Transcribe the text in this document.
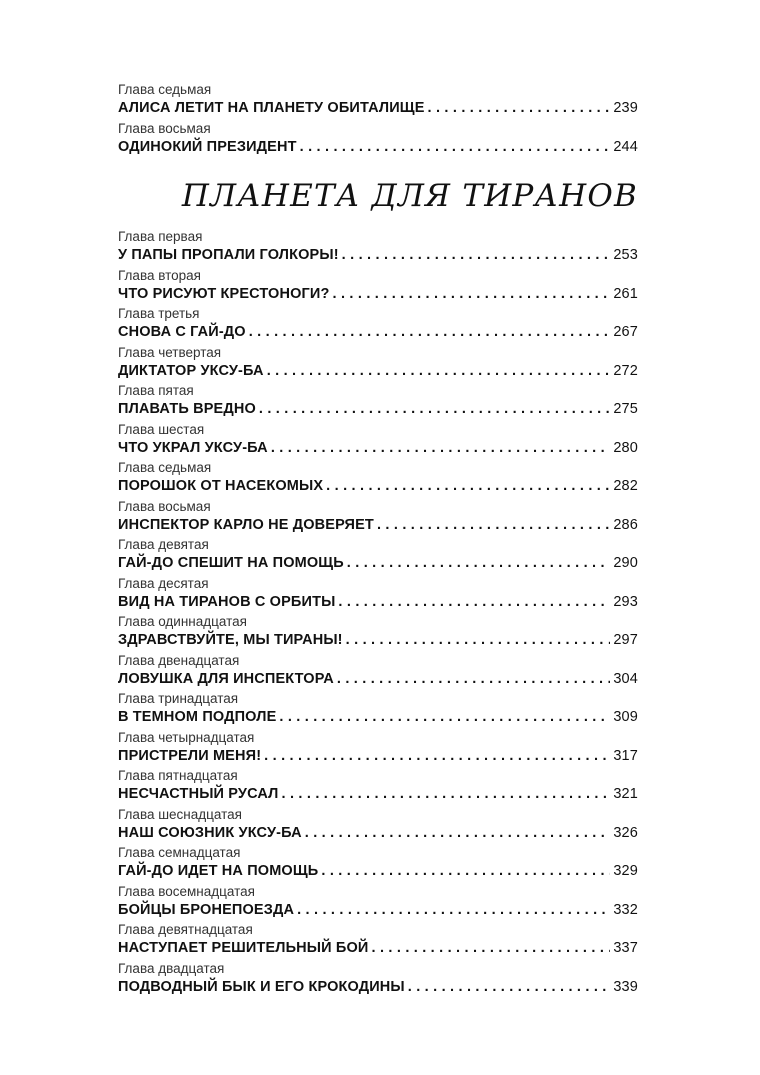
Глава седьмая
АЛИСА ЛЕТИТ НА ПЛАНЕТУ ОБИТАЛИЩЕ . . .	239
Глава восьмая
ОДИНОКИЙ ПРЕЗИДЕНТ . . .	244
ПЛАНЕТА ДЛЯ ТИРАНОВ
Глава первая
У ПАПЫ ПРОПАЛИ ГОЛКОРЫ! . . .	253
Глава вторая
ЧТО РИСУЮТ КРЕСТОНОГИ? . . .	261
Глава третья
СНОВА С ГАЙ-ДО . . .	267
Глава четвертая
ДИКТАТОР УКСУ-БА . . .	272
Глава пятая
ПЛАВАТЬ ВРЕДНО . . .	275
Глава шестая
ЧТО УКРАЛ УКСУ-БА . . .	280
Глава седьмая
ПОРОШОК ОТ НАСЕКОМЫХ . . .	282
Глава восьмая
ИНСПЕКТОР КАРЛО НЕ ДОВЕРЯЕТ . . .	286
Глава девятая
ГАЙ-ДО СПЕШИТ НА ПОМОЩЬ . . .	290
Глава десятая
ВИД НА ТИРАНОВ С ОРБИТЫ . . .	293
Глава одиннадцатая
ЗДРАВСТВУЙТЕ, МЫ ТИРАНЫ! . . .	297
Глава двенадцатая
ЛОВУШКА ДЛЯ ИНСПЕКТОРА . . .	304
Глава тринадцатая
В ТЕМНОМ ПОДПОЛЕ . . .	309
Глава четырнадцатая
ПРИСТРЕЛИ МЕНЯ! . . .	317
Глава пятнадцатая
НЕСЧАСТНЫЙ РУСАЛ . . .	321
Глава шеснадцатая
НАШ СОЮЗНИК УКСУ-БА . . .	326
Глава семнадцатая
ГАЙ-ДО ИДЕТ НА ПОМОЩЬ . . .	329
Глава восемнадцатая
БОЙЦЫ БРОНЕПОЕЗДА . . .	332
Глава девятнадцатая
НАСТУПАЕТ РЕШИТЕЛЬНЫЙ БОЙ . . .	337
Глава двадцатая
ПОДВОДНЫЙ БЫК И ЕГО КРОКОДИНЫ . . .	339
